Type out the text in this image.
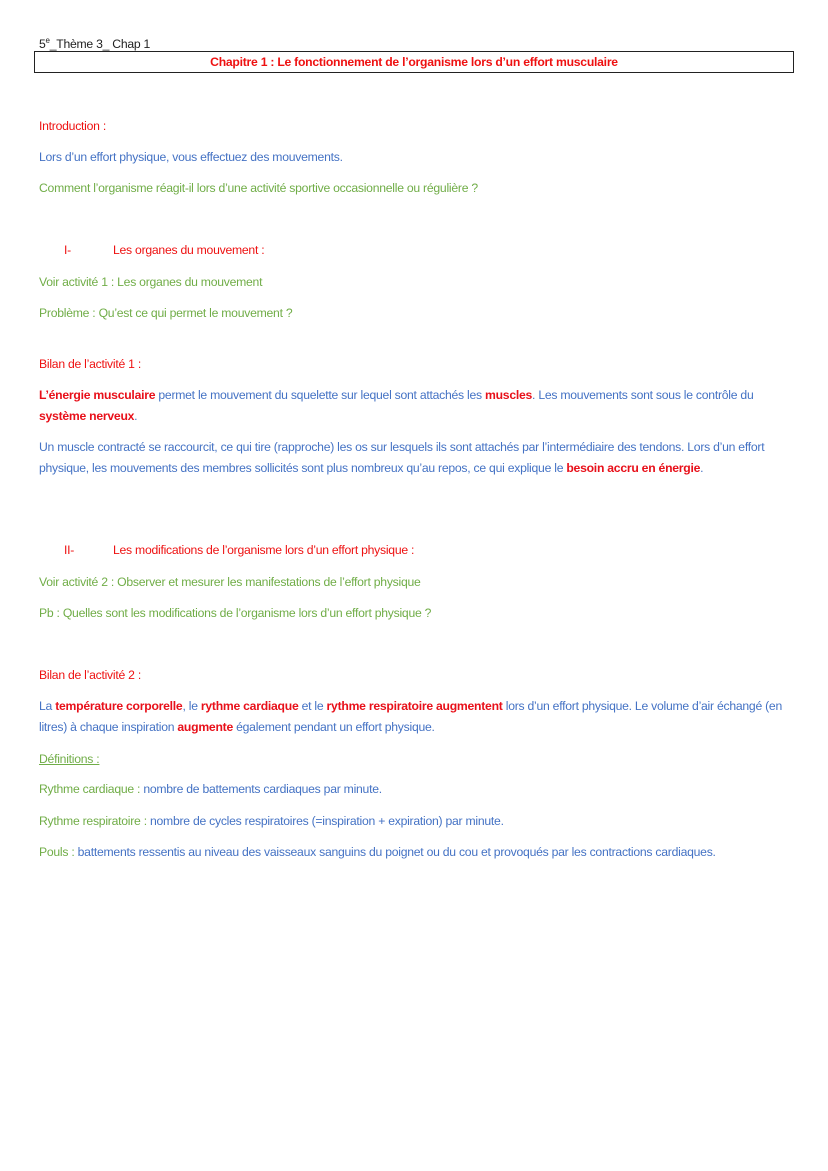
5e_Thème 3_ Chap 1
Chapitre 1 : Le fonctionnement de l’organisme lors d’un effort musculaire
Introduction :
Lors d’un effort physique, vous effectuez des mouvements.
Comment l’organisme réagit-il lors d’une activité sportive occasionnelle ou régulière ?
I-	Les organes du mouvement :
Voir activité 1 : Les organes du mouvement
Problème : Qu’est ce qui permet le mouvement ?
Bilan de l’activité 1 :
L’énergie musculaire permet le mouvement du squelette sur lequel sont attachés les muscles. Les mouvements sont sous le contrôle du système nerveux.
Un muscle contracté se raccourcit, ce qui tire (rapproche) les os sur lesquels ils sont attachés par l’intermédiaire des tendons. Lors d’un effort physique, les mouvements des membres sollicités sont plus nombreux qu’au repos, ce qui explique le besoin accru en énergie.
II-	Les modifications de l’organisme lors d’un effort physique :
Voir activité 2 : Observer et mesurer les manifestations de l’effort physique
Pb : Quelles sont les modifications de l’organisme lors d’un effort physique ?
Bilan de l’activité 2 :
La température corporelle, le rythme cardiaque et le rythme respiratoire augmentent lors d’un effort physique. Le volume d’air échangé (en litres) à chaque inspiration augmente également pendant un effort physique.
Définitions :
Rythme cardiaque : nombre de battements cardiaques par minute.
Rythme respiratoire : nombre de cycles respiratoires (=inspiration + expiration) par minute.
Pouls : battements ressentis au niveau des vaisseaux sanguins du poignet ou du cou et provoqués par les contractions cardiaques.
